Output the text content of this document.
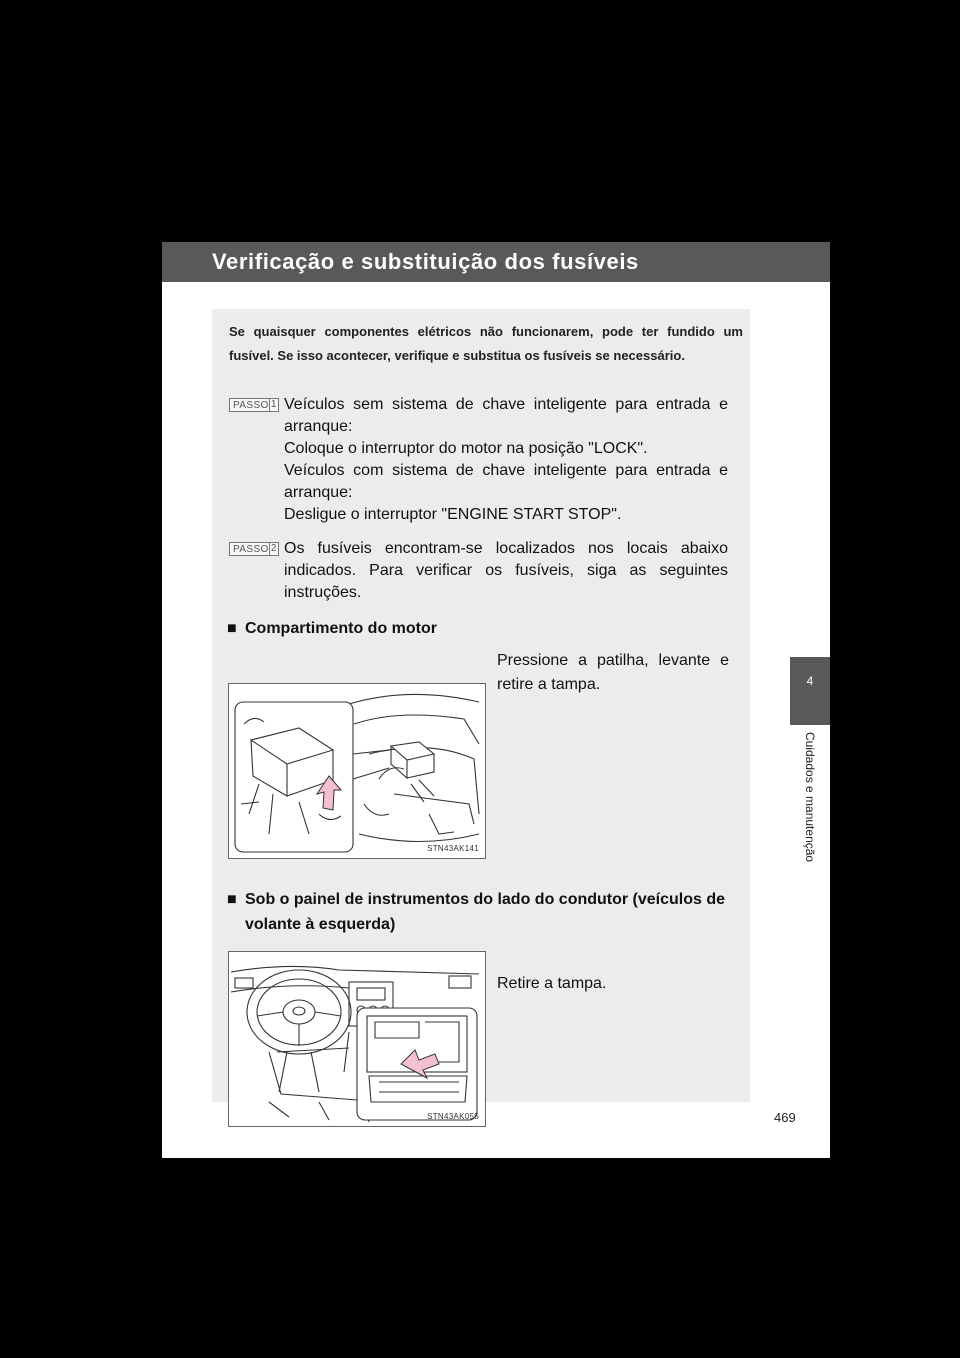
Verificação e substituição dos fusíveis
4
Cuidados e manutenção
469

Se quaisquer componentes elétricos não funcionarem, pode ter fundido um fusível. Se isso acontecer, verifique e substitua os fusíveis se necessário.

PASSO 1 Veículos sem sistema de chave inteligente para entrada e arranque:
Coloque o interruptor do motor na posição "LOCK".
Veículos com sistema de chave inteligente para entrada e arranque:
Desligue o interruptor "ENGINE START STOP".
PASSO 2 Os fusíveis encontram-se localizados nos locais abaixo indicados. Para verificar os fusíveis, siga as seguintes instruções.
■ Compartimento do motor

Pressione a patilha, levante e retire a tampa.

STN43AK141
■ Sob o painel de instrumentos do lado do condutor (veículos de volante à esquerda)

Retire a tampa.

STN43AK055
